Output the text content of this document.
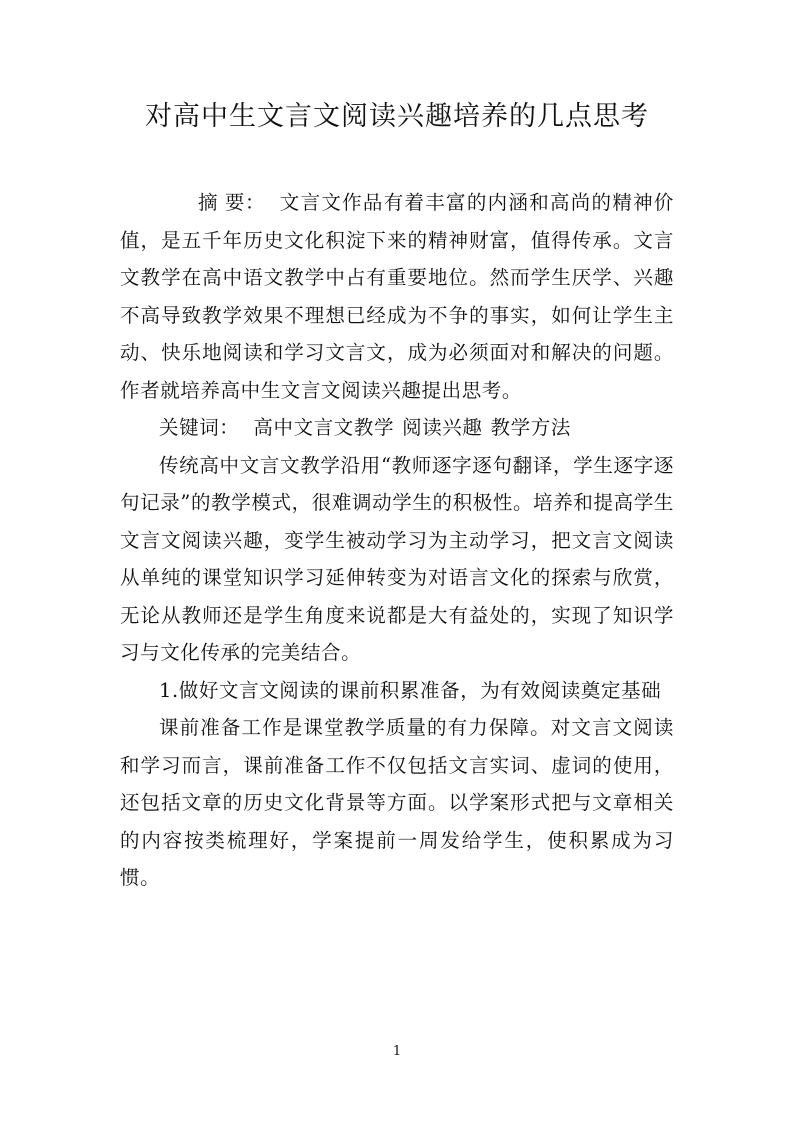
对高中生文言文阅读兴趣培养的几点思考

摘 要： 文言文作品有着丰富的内涵和高尚的精神价值，是五千年历史文化积淀下来的精神财富，值得传承。文言文教学在高中语文教学中占有重要地位。然而学生厌学、兴趣不高导致教学效果不理想已经成为不争的事实，如何让学生主动、快乐地阅读和学习文言文，成为必须面对和解决的问题。作者就培养高中生文言文阅读兴趣提出思考。

关键词： 高中文言文教学 阅读兴趣 教学方法

传统高中文言文教学沿用“教师逐字逐句翻译，学生逐字逐句记录”的教学模式，很难调动学生的积极性。培养和提高学生文言文阅读兴趣，变学生被动学习为主动学习，把文言文阅读从单纯的课堂知识学习延伸转变为对语言文化的探索与欣赏，无论从教师还是学生角度来说都是大有益处的，实现了知识学习与文化传承的完美结合。

1.做好文言文阅读的课前积累准备，为有效阅读奠定基础

课前准备工作是课堂教学质量的有力保障。对文言文阅读和学习而言，课前准备工作不仅包括文言实词、虚词的使用，还包括文章的历史文化背景等方面。以学案形式把与文章相关的内容按类梳理好，学案提前一周发给学生，使积累成为习惯。

1
